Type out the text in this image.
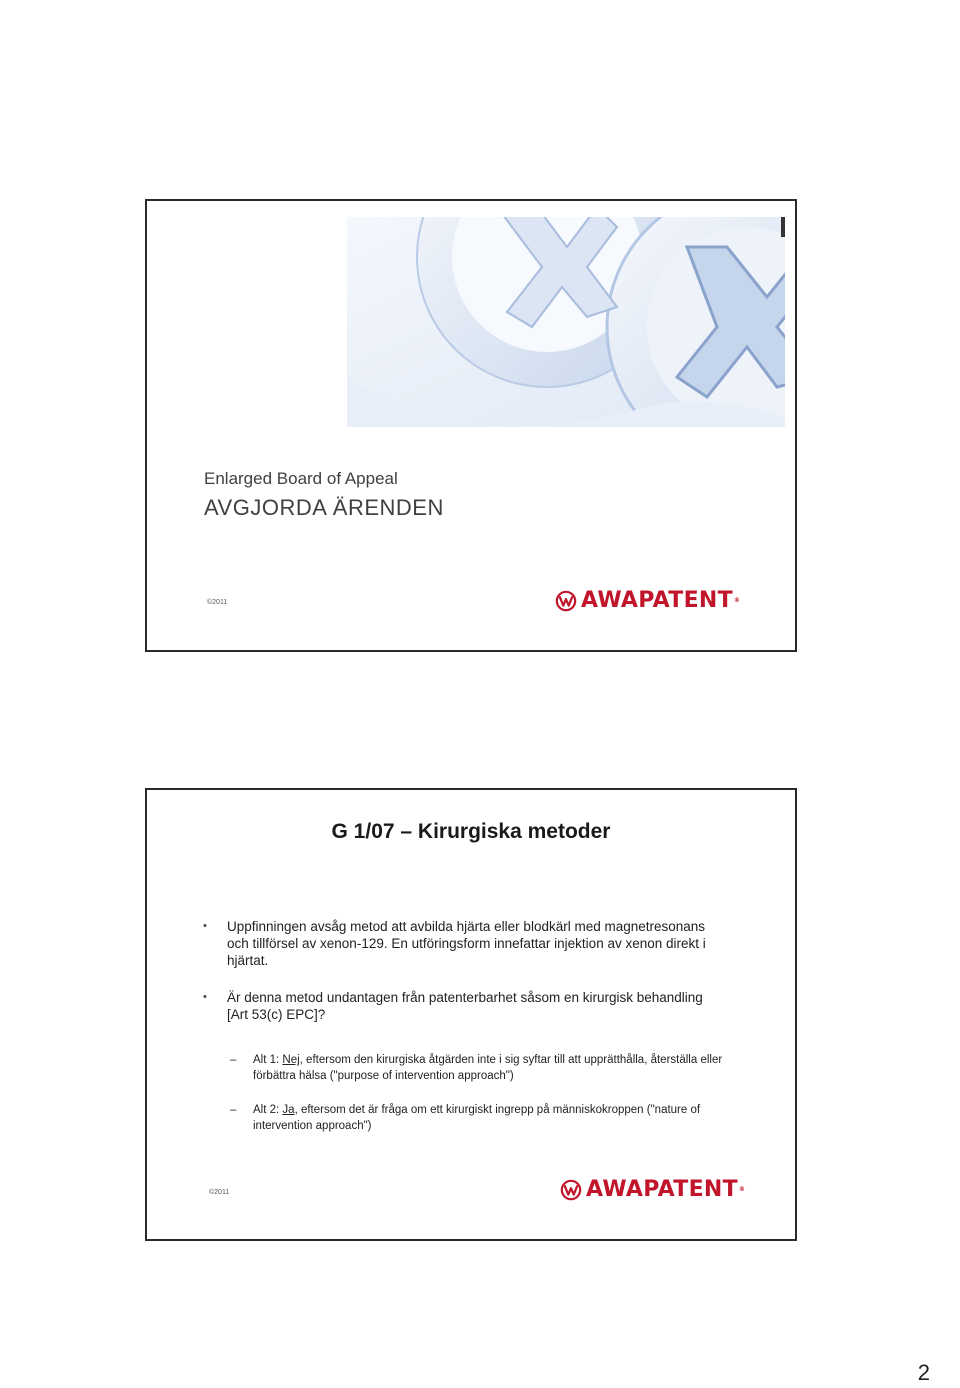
Enlarged Board of Appeal
AVGJORDA ÄRENDEN
©2011	AWAPATENT ®
G 1/07 – Kirurgiska metoder
• Uppfinningen avsåg metod att avbilda hjärta eller blodkärl med magnetresonans och tillförsel av xenon-129. En utföringsform innefattar injektion av xenon direkt i hjärtat.
• Är denna metod undantagen från patenterbarhet såsom en kirurgisk behandling [Art 53(c) EPC]?
– Alt 1: Nej, eftersom den kirurgiska åtgärden inte i sig syftar till att upprätthålla, återställa eller förbättra hälsa ("purpose of intervention approach")
– Alt 2: Ja, eftersom det är fråga om ett kirurgiskt ingrepp på människokroppen ("nature of intervention approach")
©2011	AWAPATENT ®
2
